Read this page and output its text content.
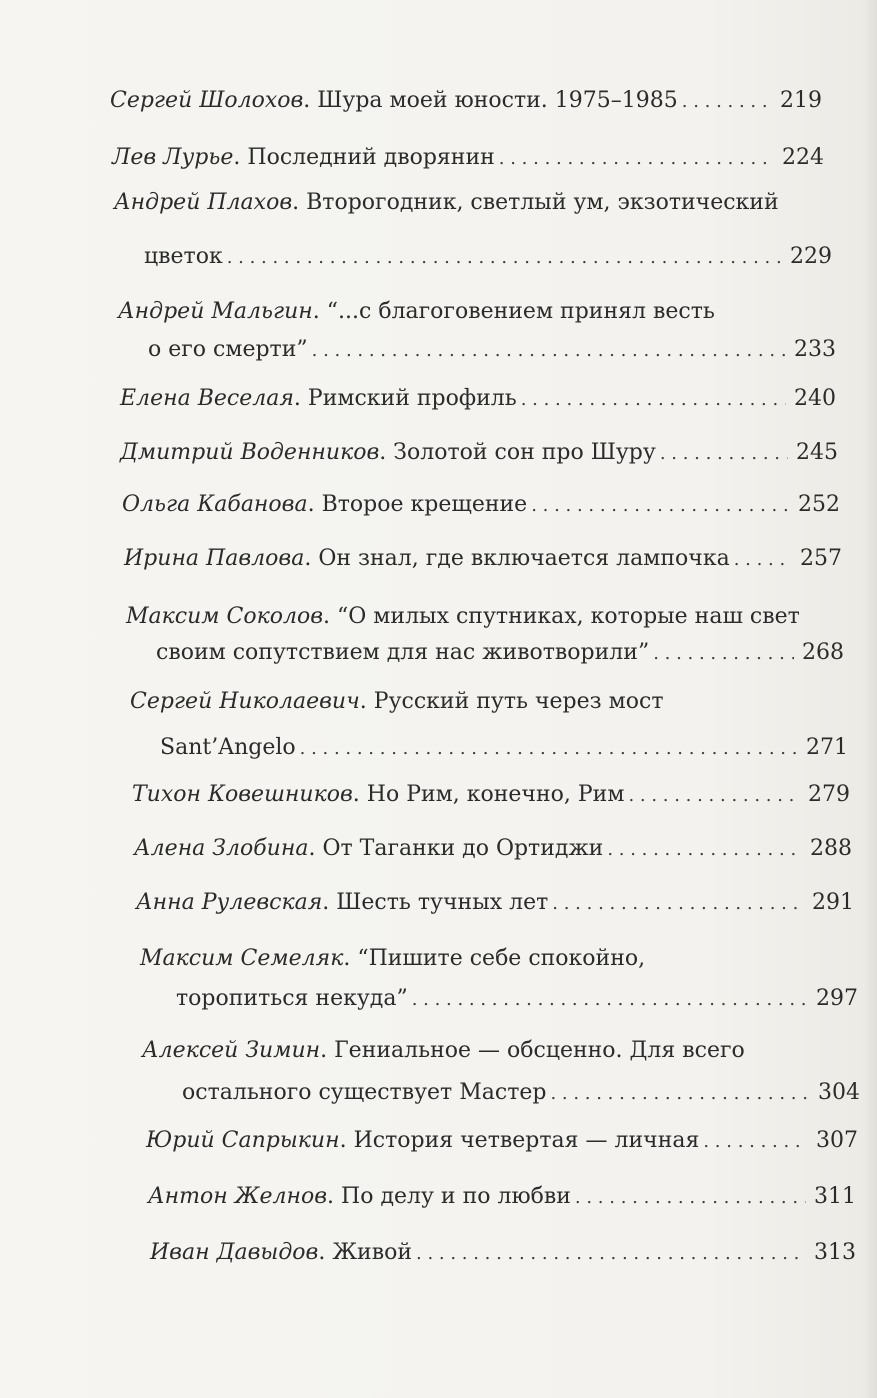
Сергей Шолохов . Шура моей юности. 1975–1985 . . .	219
Лев Лурье . Последний дворянин . . .	224
Андрей Плахов . Второгодник, светлый ум, экзотический
цветок . . .	229
Андрей Мальгин . “...с благоговением принял весть
о его смерти” . . .	233
Елена Веселая . Римский профиль . . .	240
Дмитрий Воденников . Золотой сон про Шуру . . .	245
Ольга Кабанова . Второе крещение . . .	252
Ирина Павлова . Он знал, где включается лампочка . . .	257
Максим Соколов . “О милых спутниках, которые наш свет
своим сопутствием для нас животворили” . . .	268
Сергей Николаевич . Русский путь через мост
Sant’Angelo . . .	271
Тихон Ковешников . Но Рим, конечно, Рим . . .	279
Алена Злобина . От Таганки до Ортиджи . . .	288
Анна Рулевская . Шесть тучных лет . . .	291
Максим Семеляк . “Пишите себе спокойно,
торопиться некуда” . . .	297
Алексей Зимин . Гениальное — обсценно. Для всего
остального существует Мастер . . .	304
Юрий Сапрыкин . История четвертая — личная . . .	307
Антон Желнов . По делу и по любви . . .	311
Иван Давыдов . Живой . . .	313
